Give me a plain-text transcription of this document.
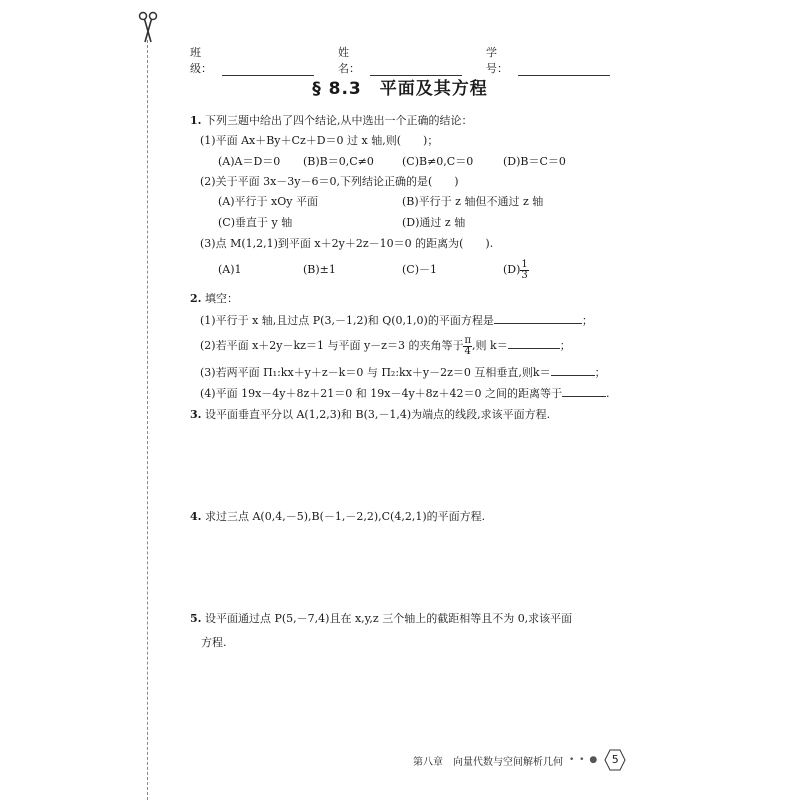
班级：
姓名：
学号：
§ 8.3　平面及其方程
1. 下列三题中给出了四个结论,从中选出一个正确的结论：
(1)平面 Ax＋By＋Cz＋D＝0 过 x 轴,则(　　)；
(A)A＝D＝0 (B)B＝0,C≠0	(C)B≠0,C＝0	(D)B＝C＝0
(2)关于平面 3x－3y－6＝0,下列结论正确的是(　　)
(A)平行于 xOy 平面	(B)平行于 z 轴但不通过 z 轴
(C)垂直于 y 轴	(D)通过 z 轴
(3)点 M(1,2,1)到平面 x＋2y＋2z－10＝0 的距离为(　　).
(A)1	(B)±1	(C)－1	$(D) \frac{1}{3}$
2. 填空：
(1)平行于 x 轴,且过点 P(3,－1,2)和 Q(0,1,0)的平面方程是	；
(2)若平面 x＋2y－kz＝1 与平面 y－z＝3 的夹角等于 $\frac{\pi}{4}$ ,则 k＝	；
(3)若两平面 Π₁:kx＋y＋z－k＝0 与 Π₂:kx＋y－2z＝0 互相垂直,则k＝	；
(4)平面 19x－4y＋8z＋21＝0 和 19x－4y＋8z＋42＝0 之间的距离等于	.
3. 设平面垂直平分以 A(1,2,3)和 B(3,－1,4)为端点的线段,求该平面方程.
4. 求过三点 A(0,4,－5),B(－1,－2,2),C(4,2,1)的平面方程.
5. 设平面通过点 P(5,－7,4)且在 x,y,z 三个轴上的截距相等且不为 0,求该平面
方程.
第八章　向量代数与空间解析几何 • • ●	5
